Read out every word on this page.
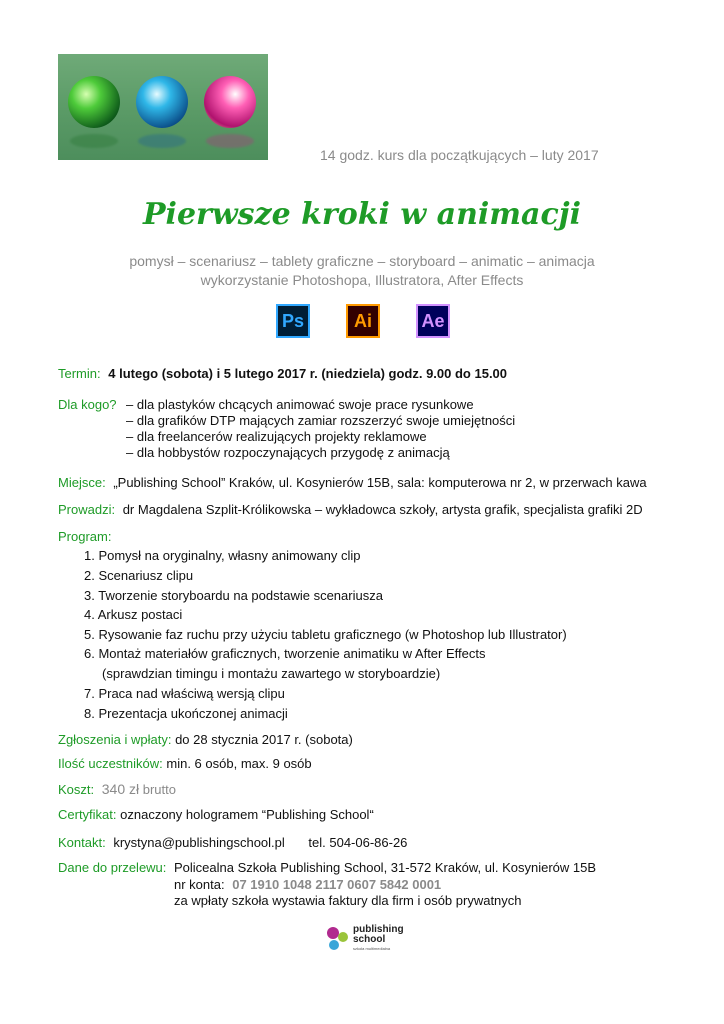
14 godz. kurs dla początkujących – luty 2017
Pierwsze kroki w animacji
pomysł – scenariusz – tablety graficzne – storyboard – animatic – animacja
wykorzystanie Photoshopa, Illustratora, After Effects
Ps	Ai	Ae
Termin: 4 lutego (sobota) i 5 lutego 2017 r. (niedziela) godz. 9.00 do 15.00
Dla kogo? – dla plastyków chcących animować swoje prace rysunkowe
– dla grafików DTP mających zamiar rozszerzyć swoje umiejętności
– dla freelancerów realizujących projekty reklamowe
– dla hobbystów rozpoczynających przygodę z animacją
Miejsce: „Publishing School” Kraków, ul. Kosynierów 15B, sala: komputerowa nr 2, w przerwach kawa
Prowadzi: dr Magdalena Szplit-Królikowska – wykładowca szkoły, artysta grafik, specjalista grafiki 2D
Program:
1. Pomysł na oryginalny, własny animowany clip
2. Scenariusz clipu
3. Tworzenie storyboardu na podstawie scenariusza
4. Arkusz postaci
5. Rysowanie faz ruchu przy użyciu tabletu graficznego (w Photoshop lub Illustrator)
6. Montaż materiałów graficznych, tworzenie animatiku w After Effects
(sprawdzian timingu i montażu zawartego w storyboardzie)
7. Praca nad właściwą wersją clipu
8. Prezentacja ukończonej animacji
Zgłoszenia i wpłaty: do 28 stycznia 2017 r. (sobota)
Ilość uczestników: min. 6 osób, max. 9 osób
Koszt: 340 zł brutto
Certyfikat: oznaczony hologramem “Publishing School“
Kontakt: krystyna@publishingschool.pl tel. 504-06-86-26
Dane do przelewu: Policealna Szkoła Publishing School, 31-572 Kraków, ul. Kosynierów 15B
nr konta: 07 1910 1048 2117 0607 5842 0001
za wpłaty szkoła wystawia faktury dla firm i osób prywatnych
publishing
school
szkoła multimedialna
